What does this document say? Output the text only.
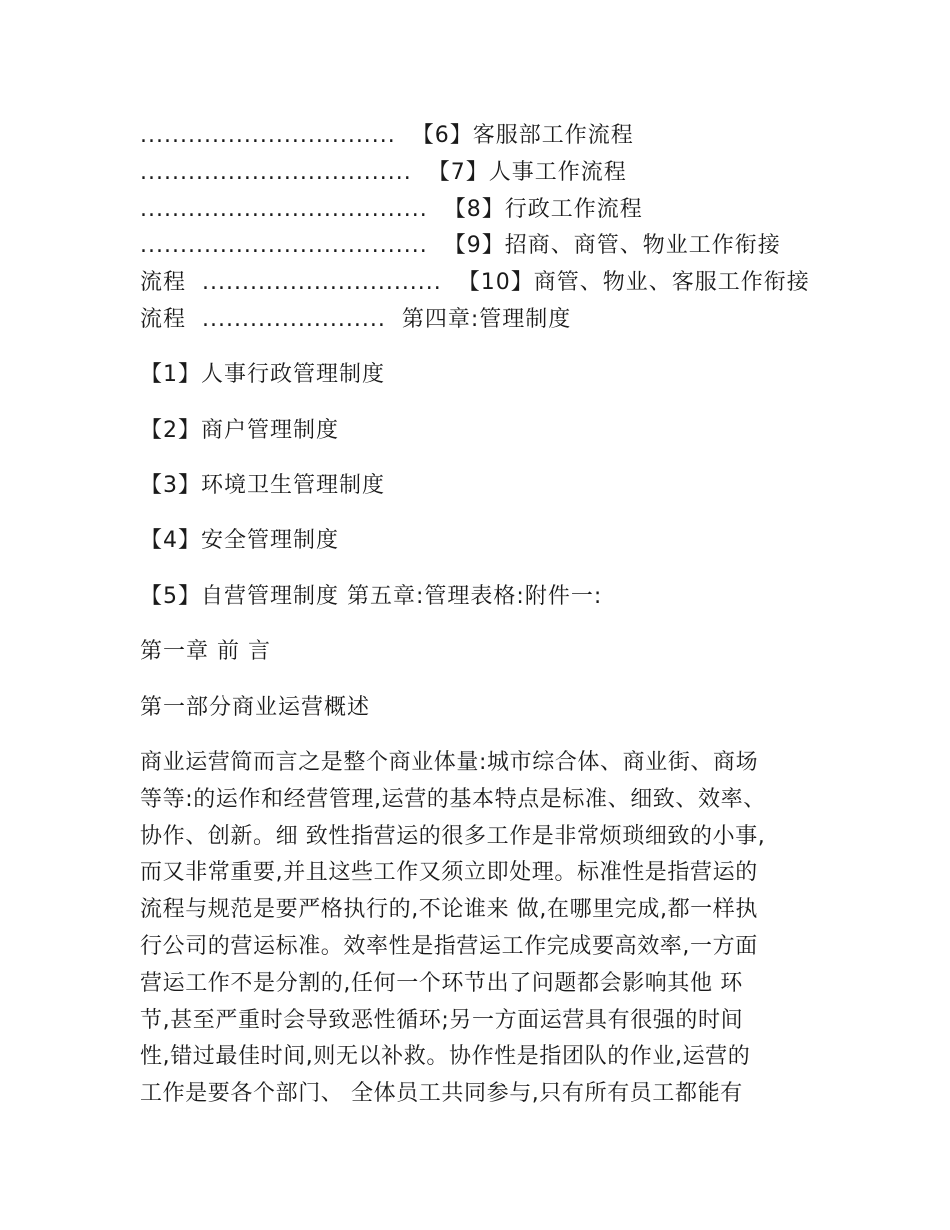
................................  【6】客服部工作流程
..................................  【7】人事工作流程
....................................  【8】行政工作流程
....................................  【9】招商、商管、物业工作衔接
流程  ..............................  【10】商管、物业、客服工作衔接
流程  .......................  第四章:管理制度
【1】人事行政管理制度
【2】商户管理制度
【3】环境卫生管理制度
【4】安全管理制度
【5】自营管理制度 第五章:管理表格:附件一:
第一章 前 言
第一部分商业运营概述
商业运营简而言之是整个商业体量:城市综合体、商业街、商场
等等:的运作和经营管理,运营的基本特点是标准、细致、效率、
协作、创新。细 致性指营运的很多工作是非常烦琐细致的小事,
而又非常重要,并且这些工作又须立即处理。标准性是指营运的
流程与规范是要严格执行的,不论谁来 做,在哪里完成,都一样执
行公司的营运标准。效率性是指营运工作完成要高效率,一方面
营运工作不是分割的,任何一个环节出了问题都会影响其他 环
节,甚至严重时会导致恶性循环;另一方面运营具有很强的时间
性,错过最佳时间,则无以补救。协作性是指团队的作业,运营的
工作是要各个部门、 全体员工共同参与,只有所有员工都能有
